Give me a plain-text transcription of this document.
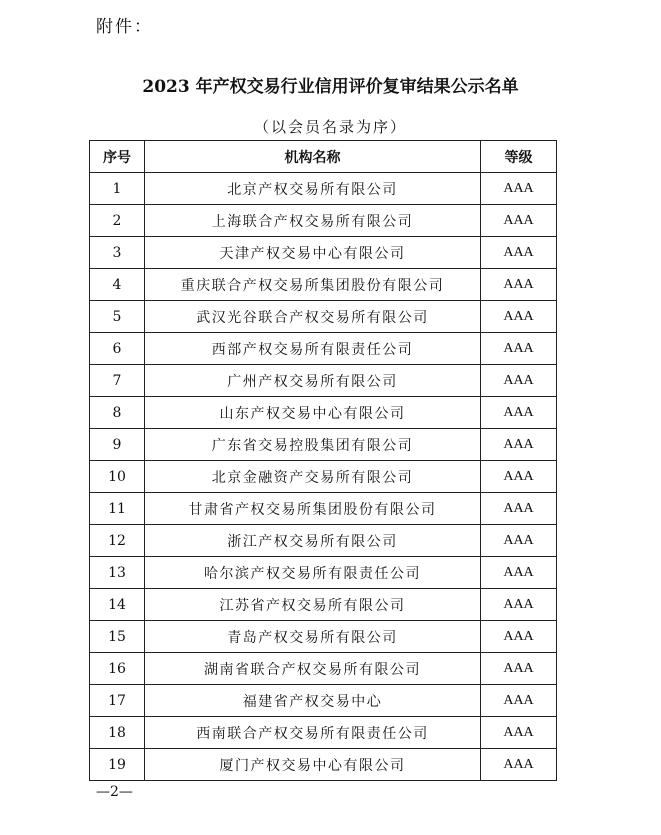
附件：
2023 年产权交易行业信用评价复审结果公示名单
（以会员名录为序）
序号	机构名称	等级
1	北京产权交易所有限公司	AAA
2	上海联合产权交易所有限公司	AAA
3	天津产权交易中心有限公司	AAA
4	重庆联合产权交易所集团股份有限公司	AAA
5	武汉光谷联合产权交易所有限公司	AAA
6	西部产权交易所有限责任公司	AAA
7	广州产权交易所有限公司	AAA
8	山东产权交易中心有限公司	AAA
9	广东省交易控股集团有限公司	AAA
10	北京金融资产交易所有限公司	AAA
11	甘肃省产权交易所集团股份有限公司	AAA
12	浙江产权交易所有限公司	AAA
13	哈尔滨产权交易所有限责任公司	AAA
14	江苏省产权交易所有限公司	AAA
15	青岛产权交易所有限公司	AAA
16	湖南省联合产权交易所有限公司	AAA
17	福建省产权交易中心	AAA
18	西南联合产权交易所有限责任公司	AAA
19	厦门产权交易中心有限公司	AAA
—2—
